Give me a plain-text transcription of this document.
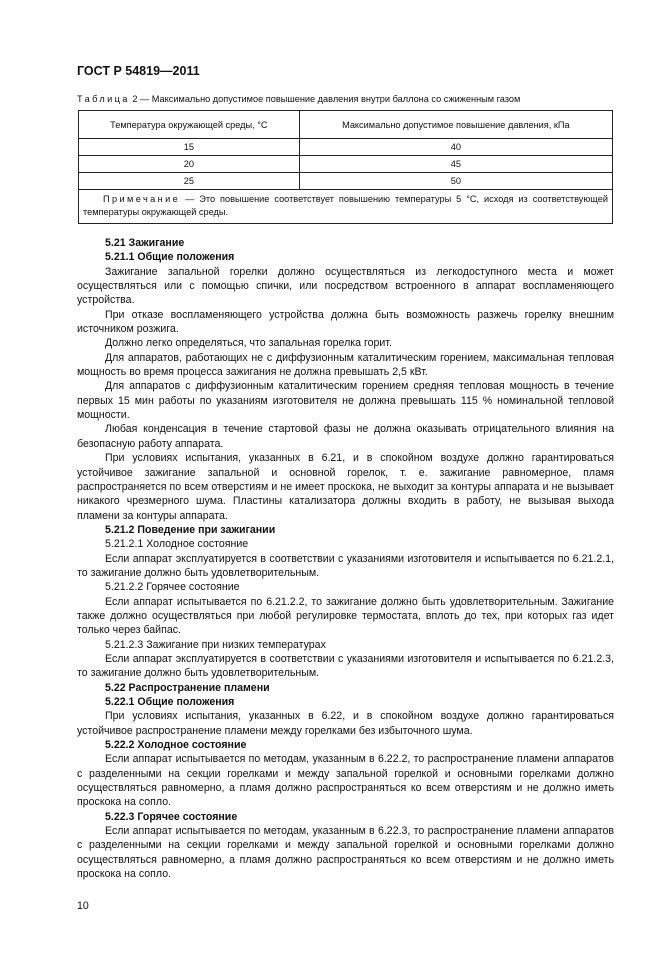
ГОСТ Р 54819—2011
Таблица 2 — Максимально допустимое повышение давления внутри баллона со сжиженным газом
Температура окружающей среды, °С	Максимально допустимое повышение давления, кПа
15	40
20	45
25	50
Примечание — Это повышение соответствует повышению температуры 5 °С, исходя из соответствующей температуры окружающей среды.	

5.21 Зажигание

5.21.1 Общие положения

Зажигание запальной горелки должно осуществляться из легкодоступного места и может осуществляться или с помощью спички, или посредством встроенного в аппарат воспламеняющего устройства.

При отказе воспламеняющего устройства должна быть возможность разжечь горелку внешним источником розжига.

Должно легко определяться, что запальная горелка горит.

Для аппаратов, работающих не с диффузионным каталитическим горением, максимальная тепловая мощность во время процесса зажигания не должна превышать 2,5 кВт.

Для аппаратов с диффузионным каталитическим горением средняя тепловая мощность в течение первых 15 мин работы по указаниям изготовителя не должна превышать 115 % номинальной тепловой мощности.

Любая конденсация в течение стартовой фазы не должна оказывать отрицательного влияния на безопасную работу аппарата.

При условиях испытания, указанных в 6.21, и в спокойном воздухе должно гарантироваться устойчивое зажигание запальной и основной горелок, т. е. зажигание равномерное, пламя распространяется по всем отверстиям и не имеет проскока, не выходит за контуры аппарата и не вызывает никакого чрезмерного шума. Пластины катализатора должны входить в работу, не вызывая выхода пламени за контуры аппарата.

5.21.2 Поведение при зажигании

5.21.2.1 Холодное состояние

Если аппарат эксплуатируется в соответствии с указаниями изготовителя и испытывается по 6.21.2.1, то зажигание должно быть удовлетворительным.

5.21.2.2 Горячее состояние

Если аппарат испытывается по 6.21.2.2, то зажигание должно быть удовлетворительным. Зажигание также должно осуществляться при любой регулировке термостата, вплоть до тех, при которых газ идет только через байпас.

5.21.2.3 Зажигание при низких температурах

Если аппарат эксплуатируется в соответствии с указаниями изготовителя и испытывается по 6.21.2.3, то зажигание должно быть удовлетворительным.

5.22 Распространение пламени

5.22.1 Общие положения

При условиях испытания, указанных в 6.22, и в спокойном воздухе должно гарантироваться устойчивое распространение пламени между горелками без избыточного шума.

5.22.2 Холодное состояние

Если аппарат испытывается по методам, указанным в 6.22.2, то распространение пламени аппаратов с разделенными на секции горелками и между запальной горелкой и основными горелками должно осуществляться равномерно, а пламя должно распространяться ко всем отверстиям и не должно иметь проскока на сопло.

5.22.3 Горячее состояние

Если аппарат испытывается по методам, указанным в 6.22.3, то распространение пламени аппаратов с разделенными на секции горелками и между запальной горелкой и основными горелками должно осуществляться равномерно, а пламя должно распространяться ко всем отверстиям и не должно иметь проскока на сопло.

10
